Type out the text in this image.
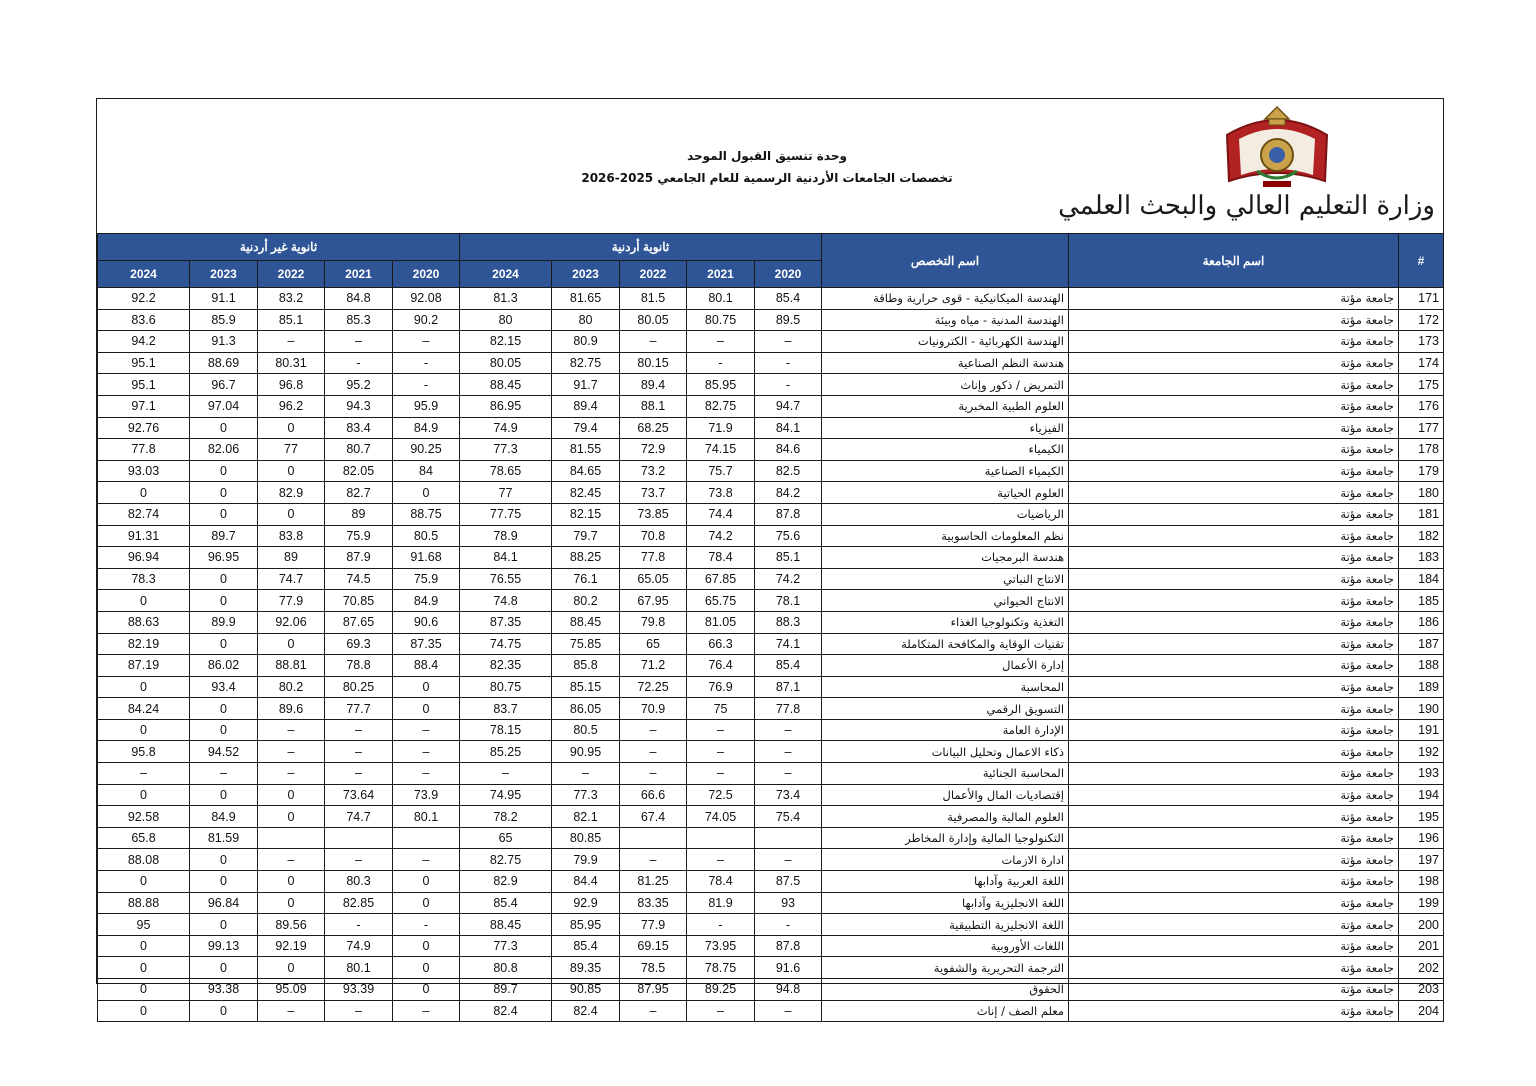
وحدة تنسيق القبول الموحد
تخصصات الجامعات الأردنية الرسمية للعام الجامعي 2025-2026
وزارة التعليم العالي والبحث العلمي
ثانوية غير أردنية					ثانوية أردنية					اسم التخصص	اسم الجامعة	#
2024	2023	2022	2021	2020	2024	2023	2022	2021	2020			
92.2	91.1	83.2	84.8	92.08	81.3	81.65	81.5	80.1	85.4	الهندسة الميكانيكية - قوى حرارية وطاقة	جامعة مؤتة	171
83.6	85.9	85.1	85.3	90.2	80	80	80.05	80.75	89.5	الهندسة المدنية - مياه وبيئة	جامعة مؤتة	172
94.2	91.3	–	–	–	82.15	80.9	–	–	–	الهندسة الكهربائية - الكترونيات	جامعة مؤتة	173
95.1	88.69	80.31	-	-	80.05	82.75	80.15	-	-	هندسة النظم الصناعية	جامعة مؤتة	174
95.1	96.7	96.8	95.2	-	88.45	91.7	89.4	85.95	-	التمريض / ذكور وإناث	جامعة مؤتة	175
97.1	97.04	96.2	94.3	95.9	86.95	89.4	88.1	82.75	94.7	العلوم الطبية المخبرية	جامعة مؤتة	176
92.76	0	0	83.4	84.9	74.9	79.4	68.25	71.9	84.1	الفيزياء	جامعة مؤتة	177
77.8	82.06	77	80.7	90.25	77.3	81.55	72.9	74.15	84.6	الكيمياء	جامعة مؤتة	178
93.03	0	0	82.05	84	78.65	84.65	73.2	75.7	82.5	الكيمياء الصناعية	جامعة مؤتة	179
0	0	82.9	82.7	0	77	82.45	73.7	73.8	84.2	العلوم الحياتية	جامعة مؤتة	180
82.74	0	0	89	88.75	77.75	82.15	73.85	74.4	87.8	الرياضيات	جامعة مؤتة	181
91.31	89.7	83.8	75.9	80.5	78.9	79.7	70.8	74.2	75.6	نظم المعلومات الحاسوبية	جامعة مؤتة	182
96.94	96.95	89	87.9	91.68	84.1	88.25	77.8	78.4	85.1	هندسة البرمجيات	جامعة مؤتة	183
78.3	0	74.7	74.5	75.9	76.55	76.1	65.05	67.85	74.2	الانتاج النباتي	جامعة مؤتة	184
0	0	77.9	70.85	84.9	74.8	80.2	67.95	65.75	78.1	الانتاج الحيواني	جامعة مؤتة	185
88.63	89.9	92.06	87.65	90.6	87.35	88.45	79.8	81.05	88.3	التغذية وتكنولوجيا الغذاء	جامعة مؤتة	186
82.19	0	0	69.3	87.35	74.75	75.85	65	66.3	74.1	تقنيات الوقاية والمكافحة المتكاملة	جامعة مؤتة	187
87.19	86.02	88.81	78.8	88.4	82.35	85.8	71.2	76.4	85.4	إدارة الأعمال	جامعة مؤتة	188
0	93.4	80.2	80.25	0	80.75	85.15	72.25	76.9	87.1	المحاسبة	جامعة مؤتة	189
84.24	0	89.6	77.7	0	83.7	86.05	70.9	75	77.8	التسويق الرقمي	جامعة مؤتة	190
0	0	–	–	–	78.15	80.5	–	–	–	الإدارة العامة	جامعة مؤتة	191
95.8	94.52	–	–	–	85.25	90.95	–	–	–	ذكاء الاعمال وتحليل البيانات	جامعة مؤتة	192
–	–	–	–	–	–	–	–	–	–	المحاسبة الجنائية	جامعة مؤتة	193
0	0	0	73.64	73.9	74.95	77.3	66.6	72.5	73.4	إقتصاديات المال والأعمال	جامعة مؤتة	194
92.58	84.9	0	74.7	80.1	78.2	82.1	67.4	74.05	75.4	العلوم المالية والمصرفية	جامعة مؤتة	195
65.8	81.59				65	80.85				التكنولوجيا المالية وإدارة المخاطر	جامعة مؤتة	196
88.08	0	–	–	–	82.75	79.9	–	–	–	ادارة الازمات	جامعة مؤتة	197
0	0	0	80.3	0	82.9	84.4	81.25	78.4	87.5	اللغة العربية وآدابها	جامعة مؤتة	198
88.88	96.84	0	82.85	0	85.4	92.9	83.35	81.9	93	اللغة الانجليزية وآدابها	جامعة مؤتة	199
95	0	89.56	-	-	88.45	85.95	77.9	-	-	اللغة الانجليزية التطبيقية	جامعة مؤتة	200
0	99.13	92.19	74.9	0	77.3	85.4	69.15	73.95	87.8	اللغات الأوروبية	جامعة مؤتة	201
0	0	0	80.1	0	80.8	89.35	78.5	78.75	91.6	الترجمة التحريرية والشفوية	جامعة مؤتة	202
0	93.38	95.09	93.39	0	89.7	90.85	87.95	89.25	94.8	الحقوق	جامعة مؤتة	203
0	0	–	–	–	82.4	82.4	–	–	–	معلم الصف / إناث	جامعة مؤتة	204
